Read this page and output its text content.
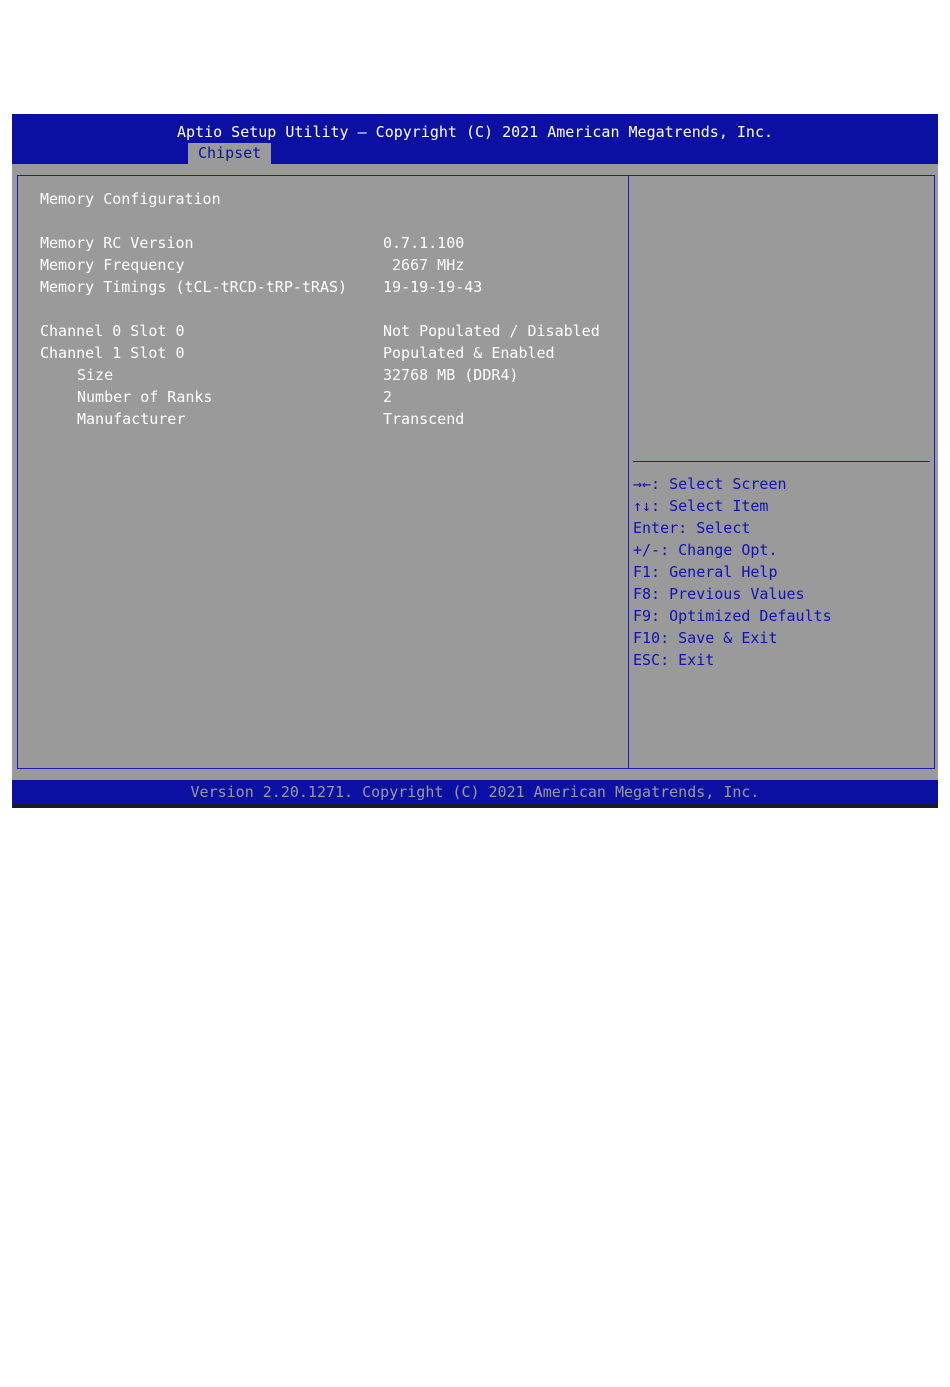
Aptio Setup Utility – Copyright (C) 2021 American Megatrends, Inc.
Chipset
Memory Configuration
Memory RC Version	0.7.1.100
Memory Frequency	2667 MHz
Memory Timings (tCL-tRCD-tRP-tRAS) 19-19-19-43
Channel 0 Slot 0	Not Populated / Disabled
Channel 1 Slot 0	Populated & Enabled
Size	32768 MB (DDR4)
Number of Ranks	2
Manufacturer	Transcend
→←: Select Screen
↑↓: Select Item
Enter: Select
+/-: Change Opt.
F1: General Help
F8: Previous Values
F9: Optimized Defaults
F10: Save & Exit
ESC: Exit
Version 2.20.1271. Copyright (C) 2021 American Megatrends, Inc.
